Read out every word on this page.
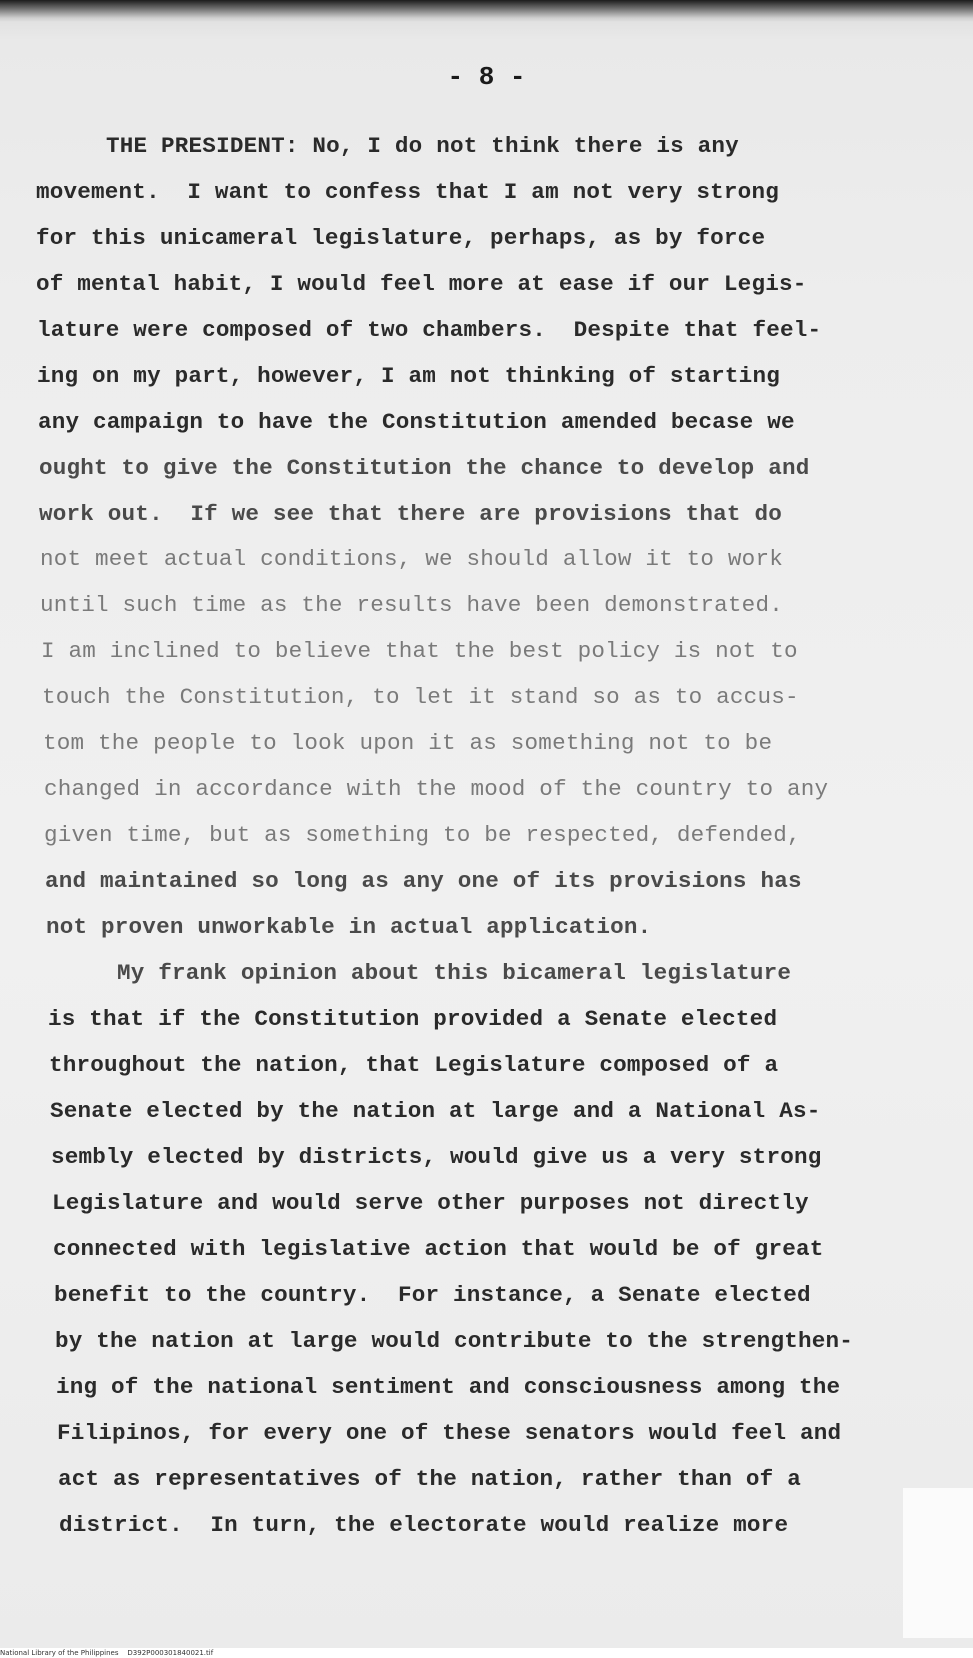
- 8 -
THE PRESIDENT: No, I do not think there is any
movement.  I want to confess that I am not very strong
for this unicameral legislature, perhaps, as by force
of mental habit, I would feel more at ease if our Legis-
lature were composed of two chambers.  Despite that feel-
ing on my part, however, I am not thinking of starting
any campaign to have the Constitution amended becase we
ought to give the Constitution the chance to develop and
work out.  If we see that there are provisions that do
not meet actual conditions, we should allow it to work
until such time as the results have been demonstrated.
I am inclined to believe that the best policy is not to
touch the Constitution, to let it stand so as to accus-
tom the people to look upon it as something not to be
changed in accordance with the mood of the country to any
given time, but as something to be respected, defended,
and maintained so long as any one of its provisions has
not proven unworkable in actual application.
My frank opinion about this bicameral legislature
is that if the Constitution provided a Senate elected
throughout the nation, that Legislature composed of a
Senate elected by the nation at large and a National As-
sembly elected by districts, would give us a very strong
Legislature and would serve other purposes not directly
connected with legislative action that would be of great
benefit to the country.  For instance, a Senate elected
by the nation at large would contribute to the strengthen-
ing of the national sentiment and consciousness among the
Filipinos, for every one of these senators would feel and
act as representatives of the nation, rather than of a
district.  In turn, the electorate would realize more
National Library of the Philippines    D392P000301840021.tif
